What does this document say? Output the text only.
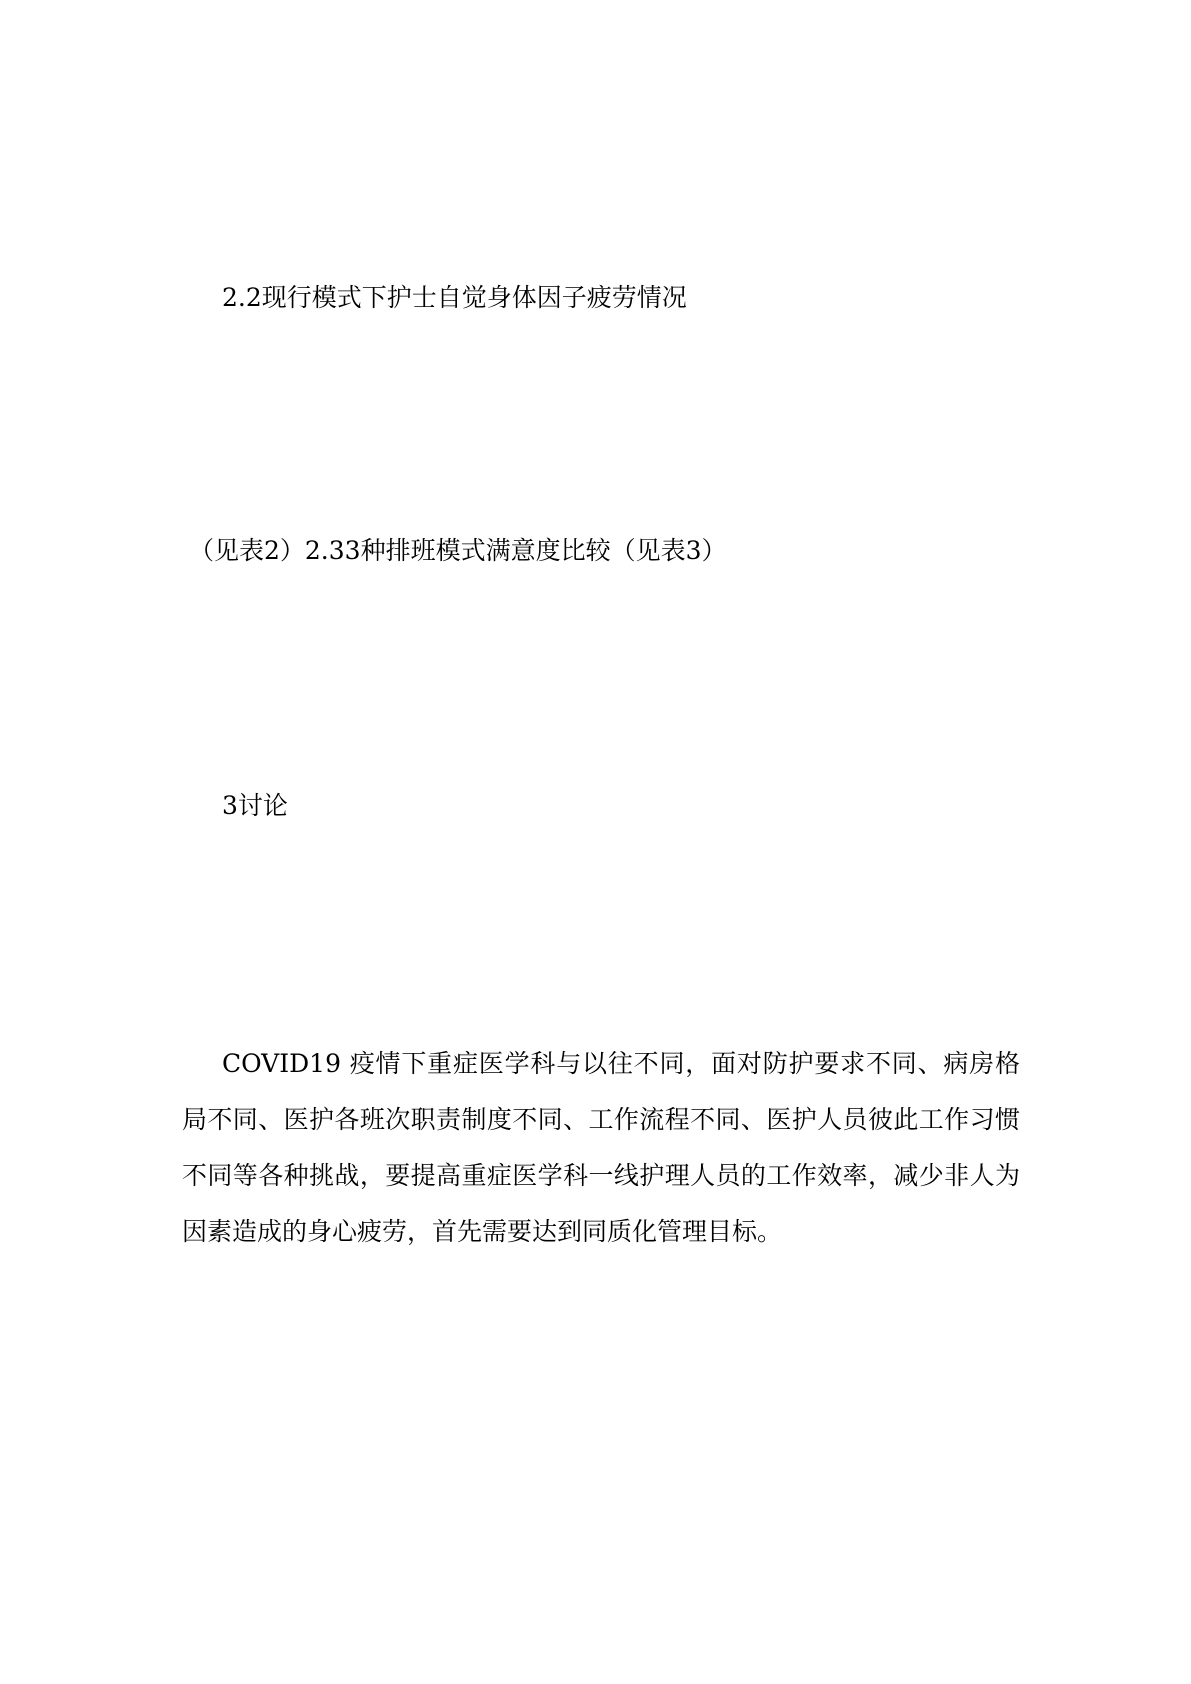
2.2现行模式下护士自觉身体因子疲劳情况
（见表2）2.33种排班模式满意度比较（见表3）
3讨论
COVID19 疫情下重症医学科与以往不同，面对防护要求不同、病房格局不同、医护各班次职责制度不同、工作流程不同、医护人员彼此工作习惯不同等各种挑战，要提高重症医学科一线护理人员的工作效率，减少非人为因素造成的身心疲劳，首先需要达到同质化管理目标。
